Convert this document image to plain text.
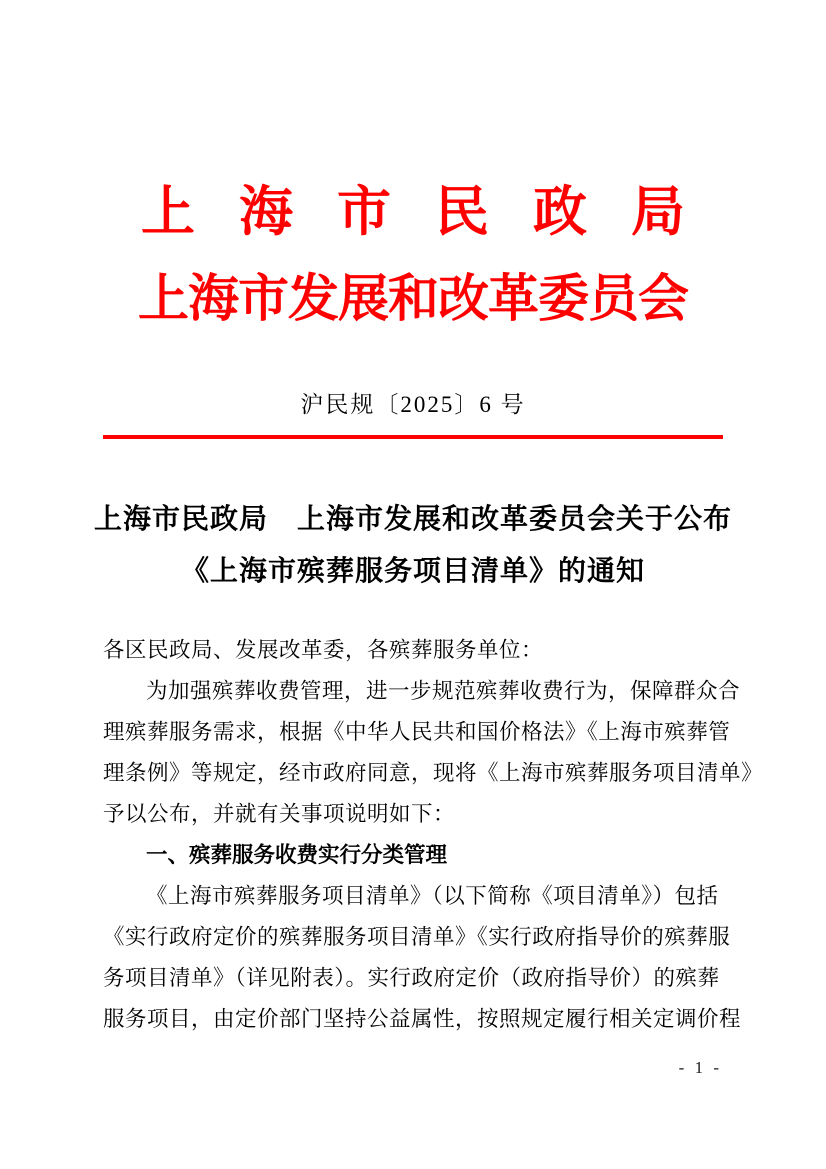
上海市民政局
上海市发展和改革委员会
沪民规〔2025〕6 号
上海市民政局　上海市发展和改革委员会关于公布
《上海市殡葬服务项目清单》的通知
各区民政局、发展改革委，各殡葬服务单位：
为加强殡葬收费管理，进一步规范殡葬收费行为，保障群众合
理殡葬服务需求，根据《中华人民共和国价格法》《上海市殡葬管
理条例》等规定，经市政府同意，现将《上海市殡葬服务项目清单》
予以公布，并就有关事项说明如下：
一、殡葬服务收费实行分类管理
《上海市殡葬服务项目清单》（以下简称《项目清单》）包括
《实行政府定价的殡葬服务项目清单》《实行政府指导价的殡葬服
务项目清单》（详见附表）。实行政府定价（政府指导价）的殡葬
服务项目，由定价部门坚持公益属性，按照规定履行相关定调价程
- 1 -
